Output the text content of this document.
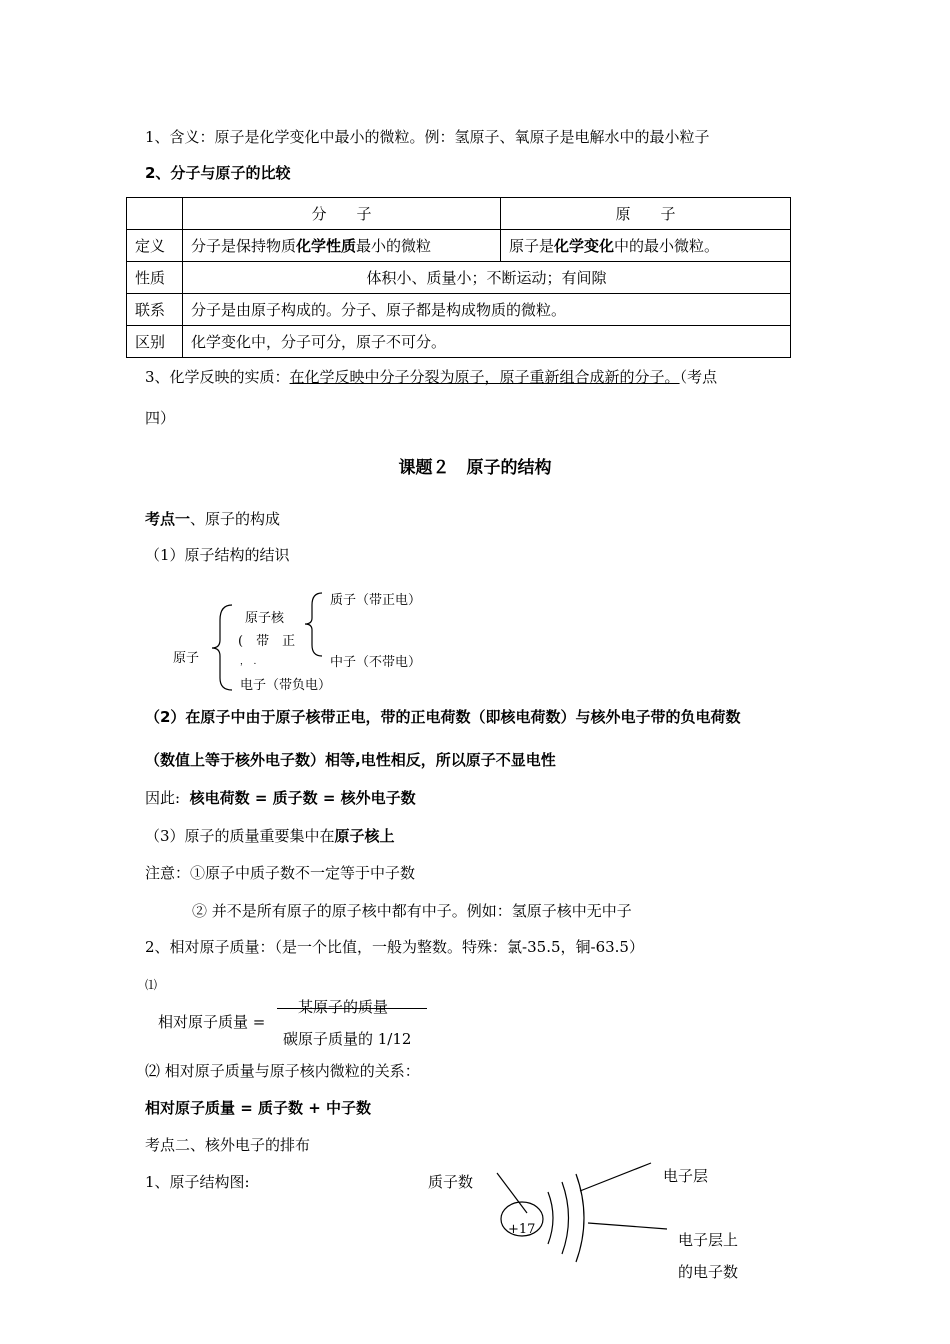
1、含义：原子是化学变化中最小的微粒。例：氢原子、氧原子是电解水中的最小粒子
2、分子与原子的比较
	分　　子	原　　子
定义	分子是保持物质化学性质最小的微粒	原子是化学变化中的最小微粒。
性质	体积小、质量小；不断运动；有间隙	
联系	分子是由原子构成的。分子、原子都是构成物质的微粒。	
区别	化学变化中，分子可分，原子不可分。	
3、化学反映的实质：在化学反映中分子分裂为原子，原子重新组合成新的分子。（考点
四）
课题２　原子的结构
考点一、原子的构成
（1）原子结构的结识
原子
原子核
(　带　正
，　.
质子（带正电）
中子（不带电）
电子（带负电）
（2）在原子中由于原子核带正电，带的正电荷数（即核电荷数）与核外电子带的负电荷数
（数值上等于核外电子数）相等,电性相反，所以原子不显电性
因此: 核电荷数 = 质子数 = 核外电子数
（3）原子的质量重要集中在原子核上
注意：①原子中质子数不一定等于中子数
② 并不是所有原子的原子核中都有中子。例如：氢原子核中无中子
2、相对原子质量：（是一个比值，一般为整数。特殊：氯-35.5，铜-63.5）
⑴
相对原子质量 =
某原子的质量
碳原子质量的 1/12
⑵ 相对原子质量与原子核内微粒的关系：
相对原子质量 = 质子数 + 中子数
考点二、核外电子的排布
1、原子结构图:	质子数
+17
电子层
电子层上
的电子数
